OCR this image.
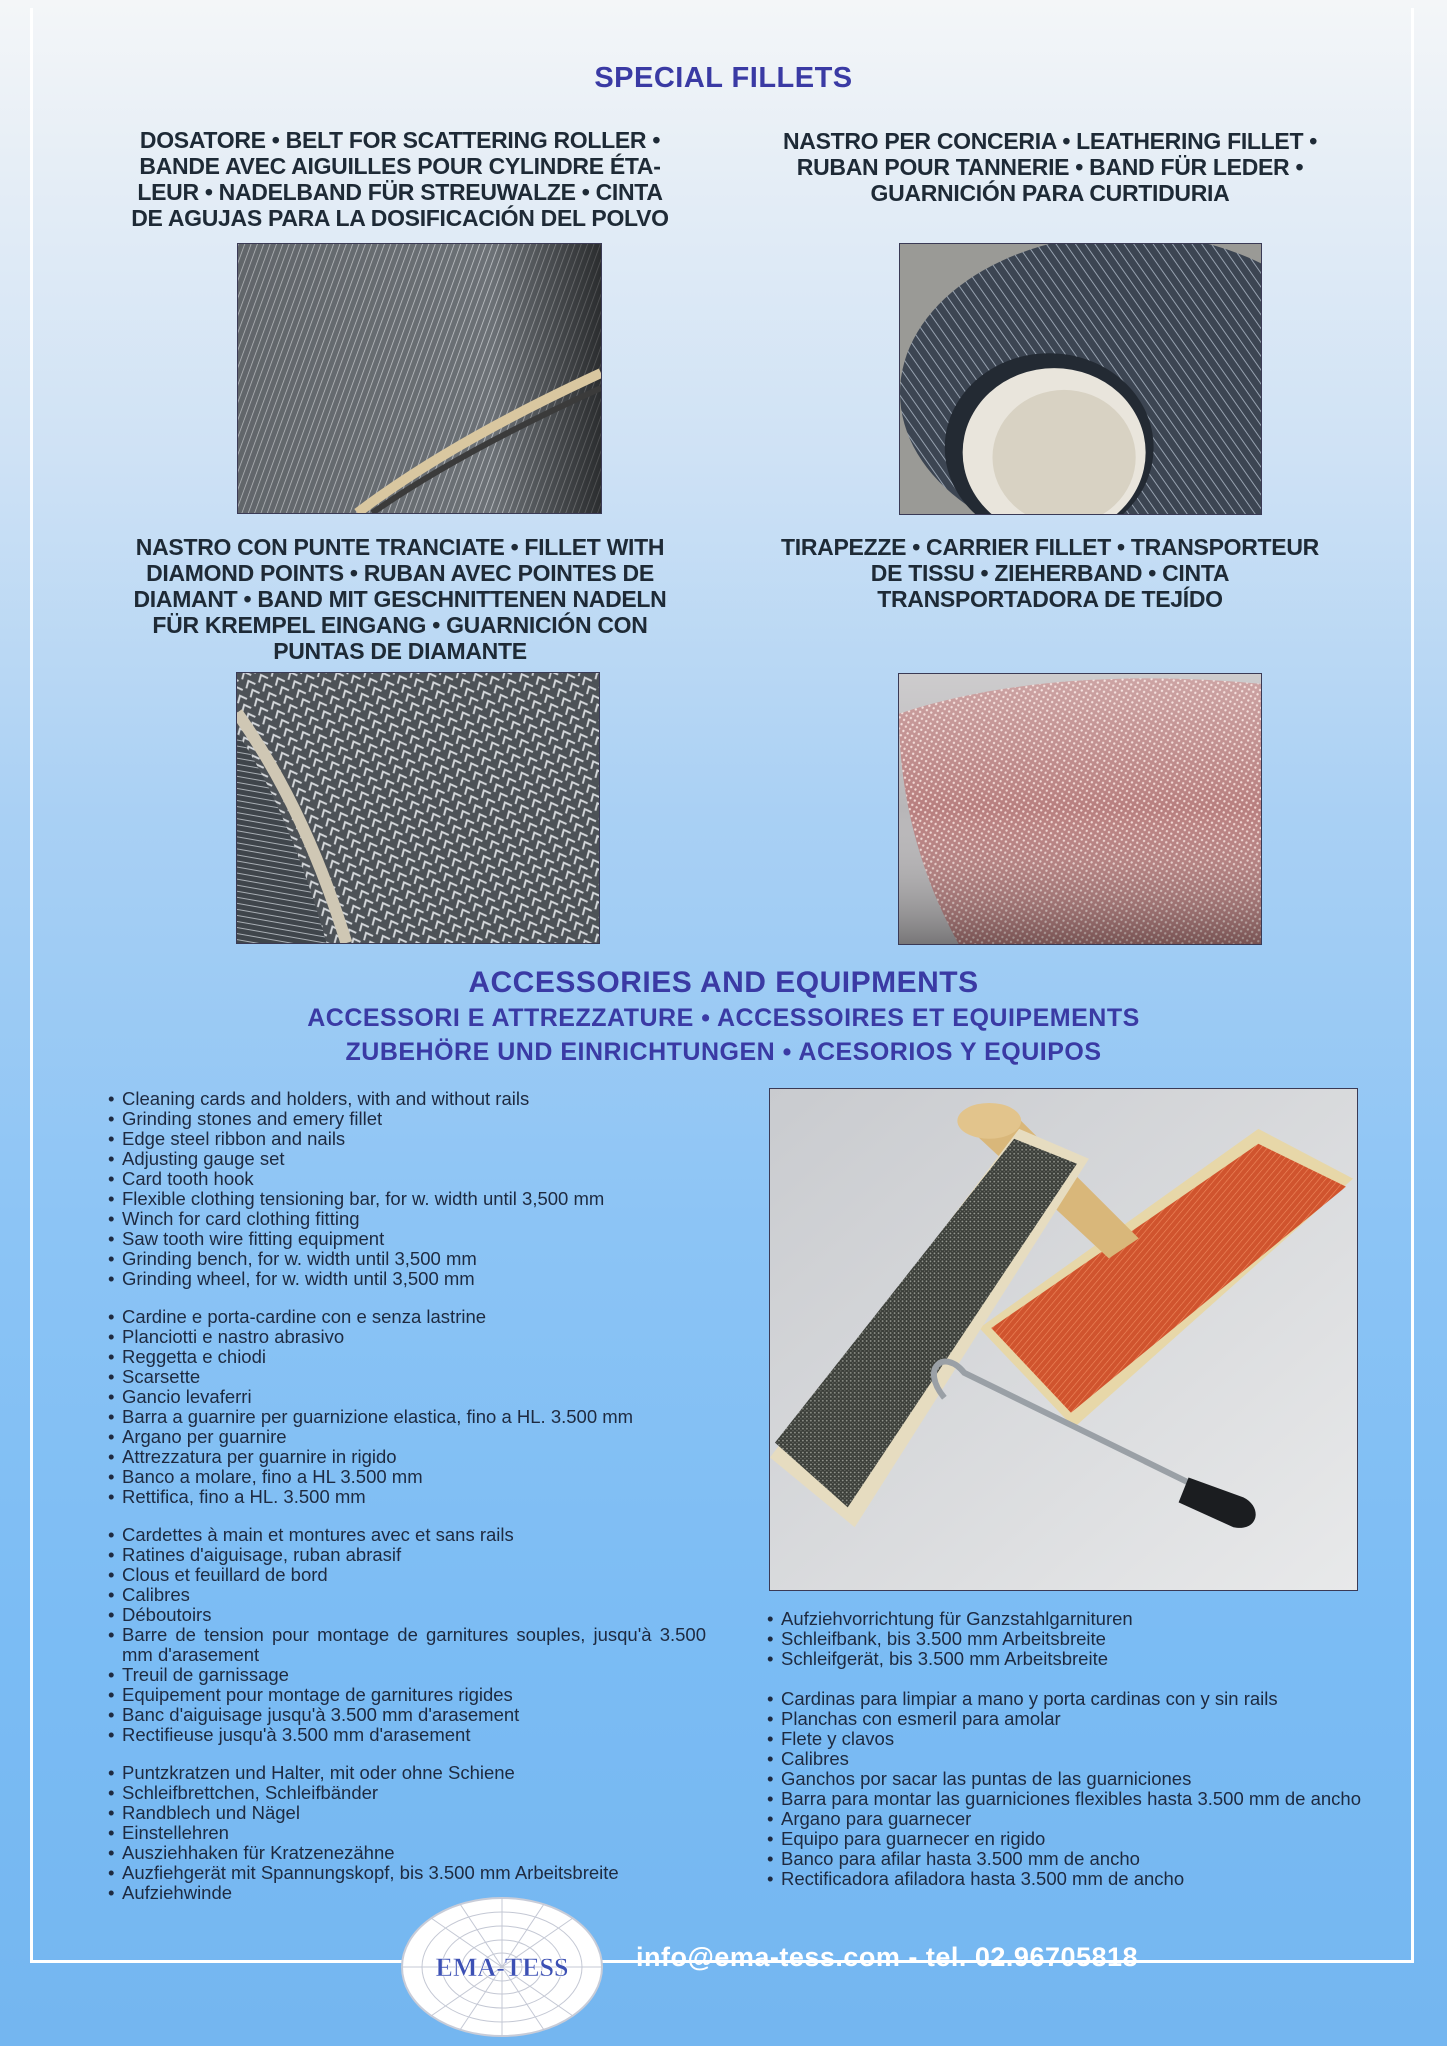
SPECIAL FILLETS
DOSATORE • BELT FOR SCATTERING ROLLER •
BANDE AVEC AIGUILLES POUR CYLINDRE ÉTA-
LEUR • NADELBAND FÜR STREUWALZE • CINTA
DE AGUJAS PARA LA DOSIFICACIÓN DEL POLVO
NASTRO PER CONCERIA • LEATHERING FILLET •
RUBAN POUR TANNERIE • BAND FÜR LEDER •
GUARNICIÓN PARA CURTIDURIA
NASTRO CON PUNTE TRANCIATE • FILLET WITH
DIAMOND POINTS • RUBAN AVEC POINTES DE
DIAMANT • BAND MIT GESCHNITTENEN NADELN
FÜR KREMPEL EINGANG • GUARNICIÓN CON
PUNTAS DE DIAMANTE
TIRAPEZZE • CARRIER FILLET • TRANSPORTEUR
DE TISSU • ZIEHERBAND • CINTA
TRANSPORTADORA DE TEJÍDO
ACCESSORIES AND EQUIPMENTS
ACCESSORI E ATTREZZATURE • ACCESSOIRES ET EQUIPEMENTS
ZUBEHÖRE UND EINRICHTUNGEN • ACESORIOS Y EQUIPOS
• Cleaning cards and holders, with and without rails
• Grinding stones and emery fillet
• Edge steel ribbon and nails
• Adjusting gauge set
• Card tooth hook
• Flexible clothing tensioning bar, for w. width until 3,500 mm
• Winch for card clothing fitting
• Saw tooth wire fitting equipment
• Grinding bench, for w. width until 3,500 mm
• Grinding wheel, for w. width until 3,500 mm
• Cardine e porta-cardine con e senza lastrine
• Planciotti e nastro abrasivo
• Reggetta e chiodi
• Scarsette
• Gancio levaferri
• Barra a guarnire per guarnizione elastica, fino a HL. 3.500 mm
• Argano per guarnire
• Attrezzatura per guarnire in rigido
• Banco a molare, fino a HL 3.500 mm
• Rettifica, fino a HL. 3.500 mm
• Cardettes à main et montures avec et sans rails
• Ratines d'aiguisage, ruban abrasif
• Clous et feuillard de bord
• Calibres
• Déboutoirs
• Barre de tension pour montage de garnitures souples, jusqu'à 3.500 mm d'arasement
• Treuil de garnissage
• Equipement pour montage de garnitures rigides
• Banc d'aiguisage jusqu'à 3.500 mm d'arasement
• Rectifieuse jusqu'à 3.500 mm d'arasement
• Puntzkratzen und Halter, mit oder ohne Schiene
• Schleifbrettchen, Schleifbänder
• Randblech und Nägel
• Einstellehren
• Ausziehhaken für Kratzenezähne
• Auzfiehgerät mit Spannungskopf, bis 3.500 mm Arbeitsbreite
• Aufziehwinde
• Aufziehvorrichtung für Ganzstahlgarnituren
• Schleifbank, bis 3.500 mm Arbeitsbreite
• Schleifgerät, bis 3.500 mm Arbeitsbreite
• Cardinas para limpiar a mano y porta cardinas con y sin rails
• Planchas con esmeril para amolar
• Flete y clavos
• Calibres
• Ganchos por sacar las puntas de las guarniciones
• Barra para montar las guarniciones flexibles hasta 3.500 mm de ancho
• Argano para guarnecer
• Equipo para guarnecer en rigido
• Banco para afilar hasta 3.500 mm de ancho
• Rectificadora afiladora hasta 3.500 mm de ancho
EMA-TESS	info@ema-tess.com - tel. 02.96705818
